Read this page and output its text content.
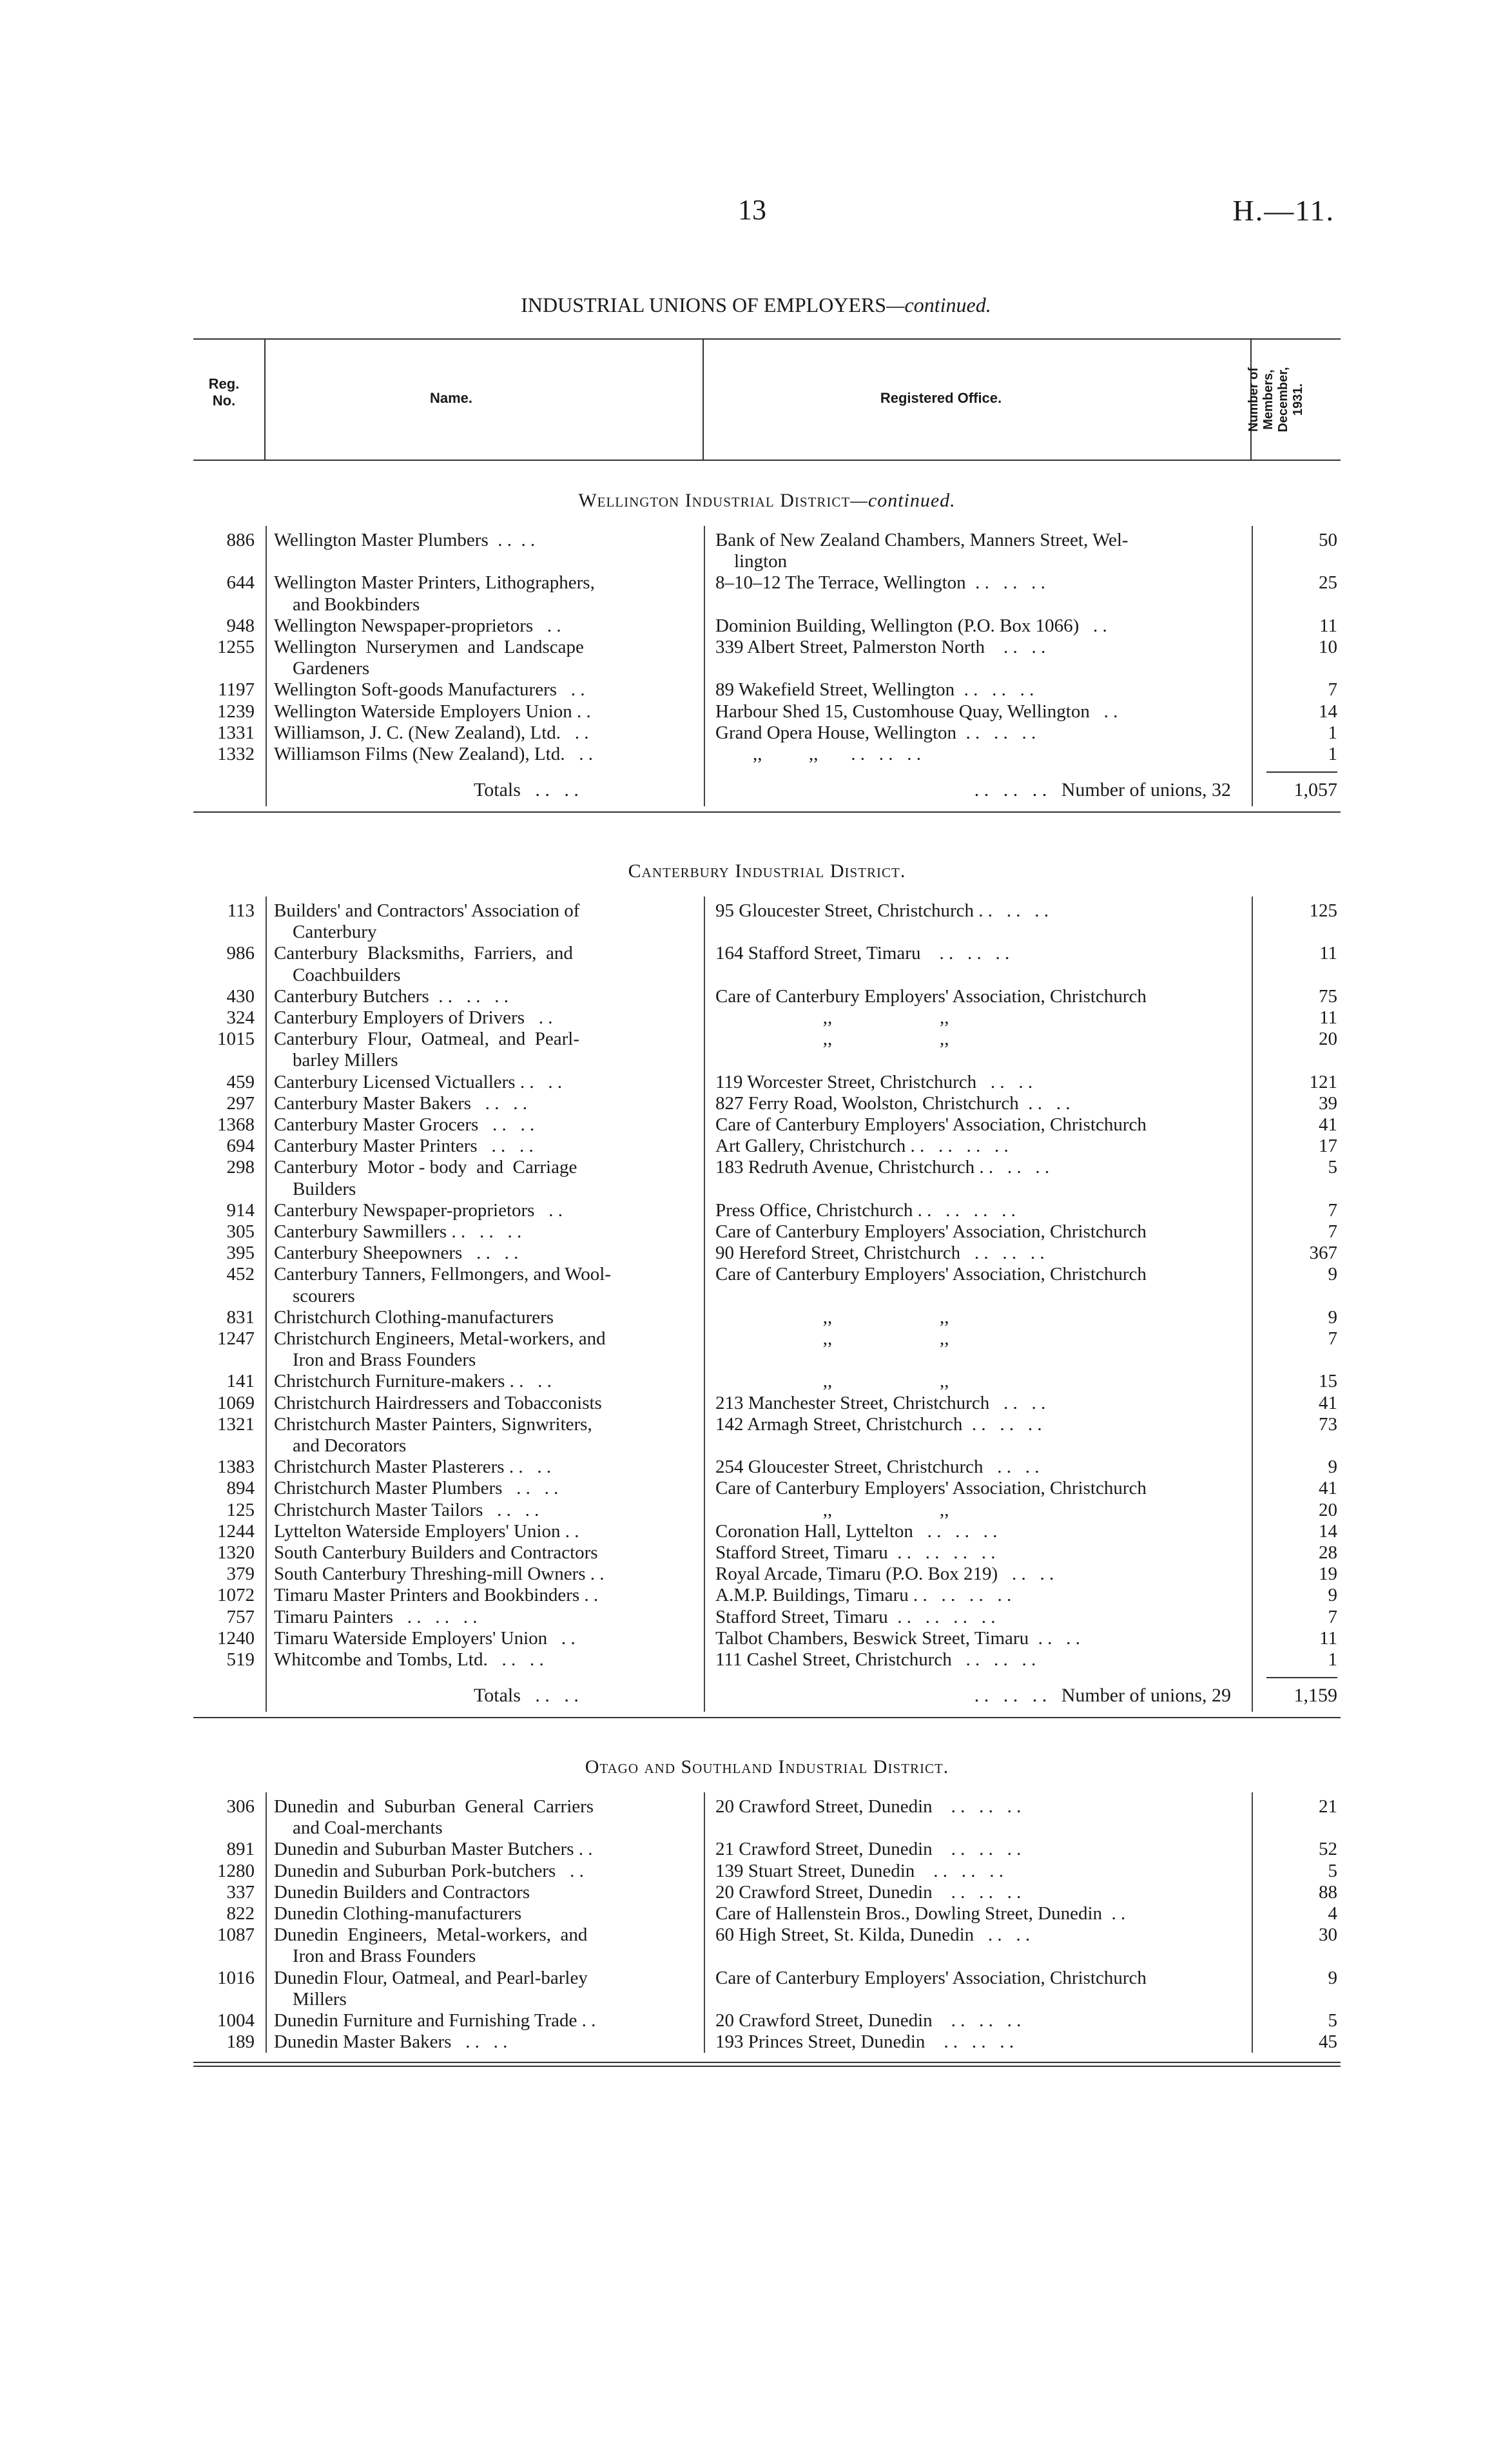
13	H.—11.
INDUSTRIAL UNIONS OF EMPLOYERS—continued.
Reg.
No.	Name.	Registered Office.	Number of Members, December, 1931.
Wellington Industrial District—continued.
886 Wellington Master Plumbers  . .  . .	Bank of New Zealand Chambers, Manners Street, Wel-	50
lington
644 Wellington Master Printers, Lithographers,	8–10–12 The Terrace, Wellington  . .   . .   . .	25
and Bookbinders
948 Wellington Newspaper-proprietors   . .	Dominion Building, Wellington (P.O. Box 1066)   . .	11
1255 Wellington  Nurserymen  and  Landscape	339 Albert Street, Palmerston North    . .   . .	10
Gardeners
1197 Wellington Soft-goods Manufacturers   . .	89 Wakefield Street, Wellington  . .   . .   . .	7
1239 Wellington Waterside Employers Union . .	Harbour Shed 15, Customhouse Quay, Wellington   . .	14
1331 Williamson, J. C. (New Zealand), Ltd.   . .	Grand Opera House, Wellington  . .   . .   . .	1
1332 Williamson Films (New Zealand), Ltd.   . .	,,          ,,       . .   . .   . .	1
Totals   . .   . .	. .   . .   . .   Number of unions, 32	1,057
Canterbury Industrial District.
113 Builders' and Contractors' Association of	95 Gloucester Street, Christchurch . .   . .   . .	125
Canterbury
986 Canterbury  Blacksmiths,  Farriers,  and	164 Stafford Street, Timaru    . .   . .   . .	11
Coachbuilders
430 Canterbury Butchers  . .   . .   . .	Care of Canterbury Employers' Association, Christchurch	75
324 Canterbury Employers of Drivers   . .	,,                       ,,	11
1015 Canterbury  Flour,  Oatmeal,  and  Pearl-	,,                       ,,	20
barley Millers
459 Canterbury Licensed Victuallers . .   . .	119 Worcester Street, Christchurch   . .   . .	121
297 Canterbury Master Bakers   . .   . .	827 Ferry Road, Woolston, Christchurch  . .   . .	39
1368 Canterbury Master Grocers   . .   . .	Care of Canterbury Employers' Association, Christchurch	41
694 Canterbury Master Printers   . .   . .	Art Gallery, Christchurch . .   . .   . .   . .	17
298 Canterbury  Motor - body  and  Carriage	183 Redruth Avenue, Christchurch . .   . .   . .	5
Builders
914 Canterbury Newspaper-proprietors   . .	Press Office, Christchurch . .   . .   . .   . .	7
305 Canterbury Sawmillers . .   . .   . .	Care of Canterbury Employers' Association, Christchurch	7
395 Canterbury Sheepowners   . .   . .	90 Hereford Street, Christchurch   . .   . .   . .	367
452 Canterbury Tanners, Fellmongers, and Wool-	Care of Canterbury Employers' Association, Christchurch	9
scourers
831 Christchurch Clothing-manufacturers	,,                       ,,	9
1247 Christchurch Engineers, Metal-workers, and	,,                       ,,	7
Iron and Brass Founders
141 Christchurch Furniture-makers . .   . .	,,                       ,,	15
1069 Christchurch Hairdressers and Tobacconists	213 Manchester Street, Christchurch   . .   . .	41
1321 Christchurch Master Painters, Signwriters,	142 Armagh Street, Christchurch  . .   . .   . .	73
and Decorators
1383 Christchurch Master Plasterers . .   . .	254 Gloucester Street, Christchurch   . .   . .	9
894 Christchurch Master Plumbers   . .   . .	Care of Canterbury Employers' Association, Christchurch	41
125 Christchurch Master Tailors   . .   . .	,,                       ,,	20
1244 Lyttelton Waterside Employers' Union . .	Coronation Hall, Lyttelton   . .   . .   . .	14
1320 South Canterbury Builders and Contractors	Stafford Street, Timaru  . .   . .   . .   . .	28
379 South Canterbury Threshing-mill Owners . .	Royal Arcade, Timaru (P.O. Box 219)   . .   . .	19
1072 Timaru Master Printers and Bookbinders . .	A.M.P. Buildings, Timaru . .   . .   . .   . .	9
757 Timaru Painters   . .   . .   . .	Stafford Street, Timaru  . .   . .   . .   . .	7
1240 Timaru Waterside Employers' Union   . .	Talbot Chambers, Beswick Street, Timaru  . .   . .	11
519 Whitcombe and Tombs, Ltd.   . .   . .	111 Cashel Street, Christchurch   . .   . .   . .	1
Totals   . .   . .	. .   . .   . .   Number of unions, 29	1,159
Otago and Southland Industrial District.
306 Dunedin  and  Suburban  General  Carriers	20 Crawford Street, Dunedin    . .   . .   . .	21
and Coal-merchants
891 Dunedin and Suburban Master Butchers . .	21 Crawford Street, Dunedin    . .   . .   . .	52
1280 Dunedin and Suburban Pork-butchers   . .	139 Stuart Street, Dunedin    . .   . .   . .	5
337 Dunedin Builders and Contractors	20 Crawford Street, Dunedin    . .   . .   . .	88
822 Dunedin Clothing-manufacturers	Care of Hallenstein Bros., Dowling Street, Dunedin  . .	4
1087 Dunedin  Engineers,  Metal-workers,  and	60 High Street, St. Kilda, Dunedin   . .   . .	30
Iron and Brass Founders
1016 Dunedin Flour, Oatmeal, and Pearl-barley	Care of Canterbury Employers' Association, Christchurch	9
Millers
1004 Dunedin Furniture and Furnishing Trade . .	20 Crawford Street, Dunedin    . .   . .   . .	5
189 Dunedin Master Bakers   . .   . .	193 Princes Street, Dunedin    . .   . .   . .	45
